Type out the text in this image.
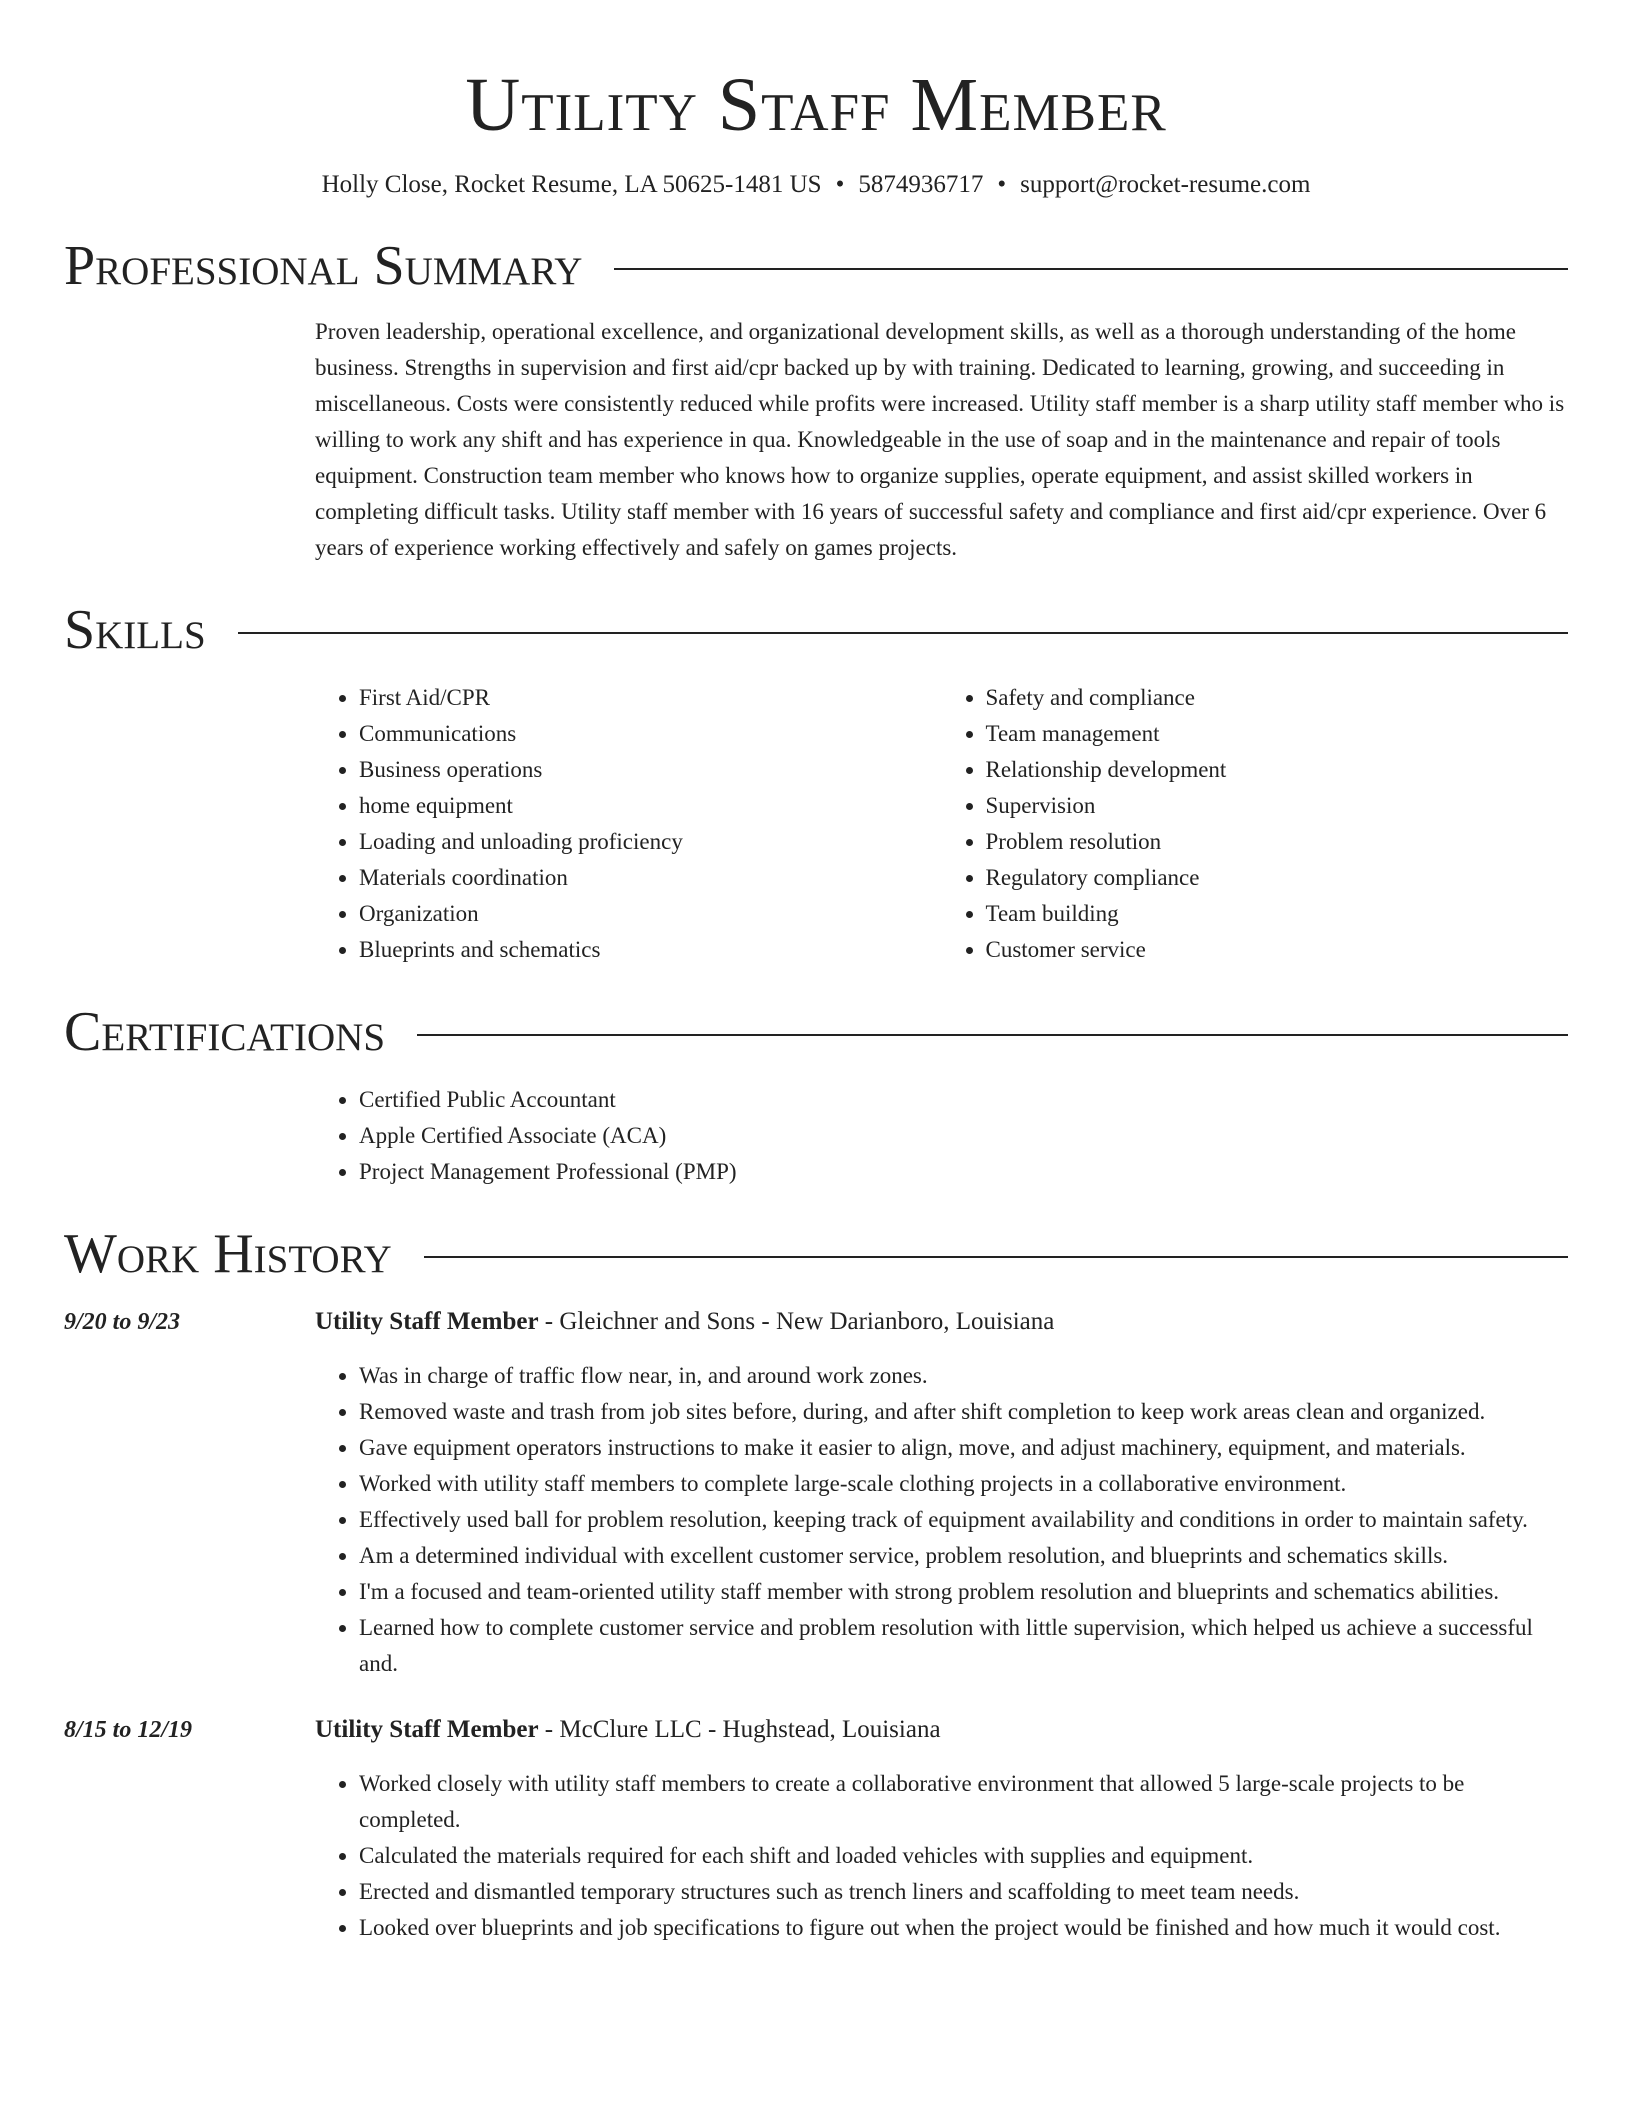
Utility Staff Member
Holly Close, Rocket Resume, LA 50625-1481 US • 5874936717 • support@rocket-resume.com
Professional Summary

Proven leadership, operational excellence, and organizational development skills, as well as a thorough understanding of the home business. Strengths in supervision and first aid/cpr backed up by with training. Dedicated to learning, growing, and succeeding in miscellaneous. Costs were consistently reduced while profits were increased. Utility staff member is a sharp utility staff member who is willing to work any shift and has experience in qua. Knowledgeable in the use of soap and in the maintenance and repair of tools equipment. Construction team member who knows how to organize supplies, operate equipment, and assist skilled workers in completing difficult tasks. Utility staff member with 16 years of successful safety and compliance and first aid/cpr experience. Over 6 years of experience working effectively and safely on games projects.

Skills
• First Aid/CPR
• Communications
• Business operations
• home equipment
• Loading and unloading proficiency
• Materials coordination
• Organization
• Blueprints and schematics
• Safety and compliance
• Team management
• Relationship development
• Supervision
• Problem resolution
• Regulatory compliance
• Team building
• Customer service
Certifications
• Certified Public Accountant
• Apple Certified Associate (ACA)
• Project Management Professional (PMP)
Work History
9/20 to 9/23	Utility Staff Member - Gleichner and Sons - New Darianboro, Louisiana
• Was in charge of traffic flow near, in, and around work zones.
• Removed waste and trash from job sites before, during, and after shift completion to keep work areas clean and organized.
• Gave equipment operators instructions to make it easier to align, move, and adjust machinery, equipment, and materials.
• Worked with utility staff members to complete large-scale clothing projects in a collaborative environment.
• Effectively used ball for problem resolution, keeping track of equipment availability and conditions in order to maintain safety.
• Am a determined individual with excellent customer service, problem resolution, and blueprints and schematics skills.
• I'm a focused and team-oriented utility staff member with strong problem resolution and blueprints and schematics abilities.
• Learned how to complete customer service and problem resolution with little supervision, which helped us achieve a successful and.
8/15 to 12/19	Utility Staff Member - McClure LLC - Hughstead, Louisiana
• Worked closely with utility staff members to create a collaborative environment that allowed 5 large-scale projects to be completed.
• Calculated the materials required for each shift and loaded vehicles with supplies and equipment.
• Erected and dismantled temporary structures such as trench liners and scaffolding to meet team needs.
• Looked over blueprints and job specifications to figure out when the project would be finished and how much it would cost.
